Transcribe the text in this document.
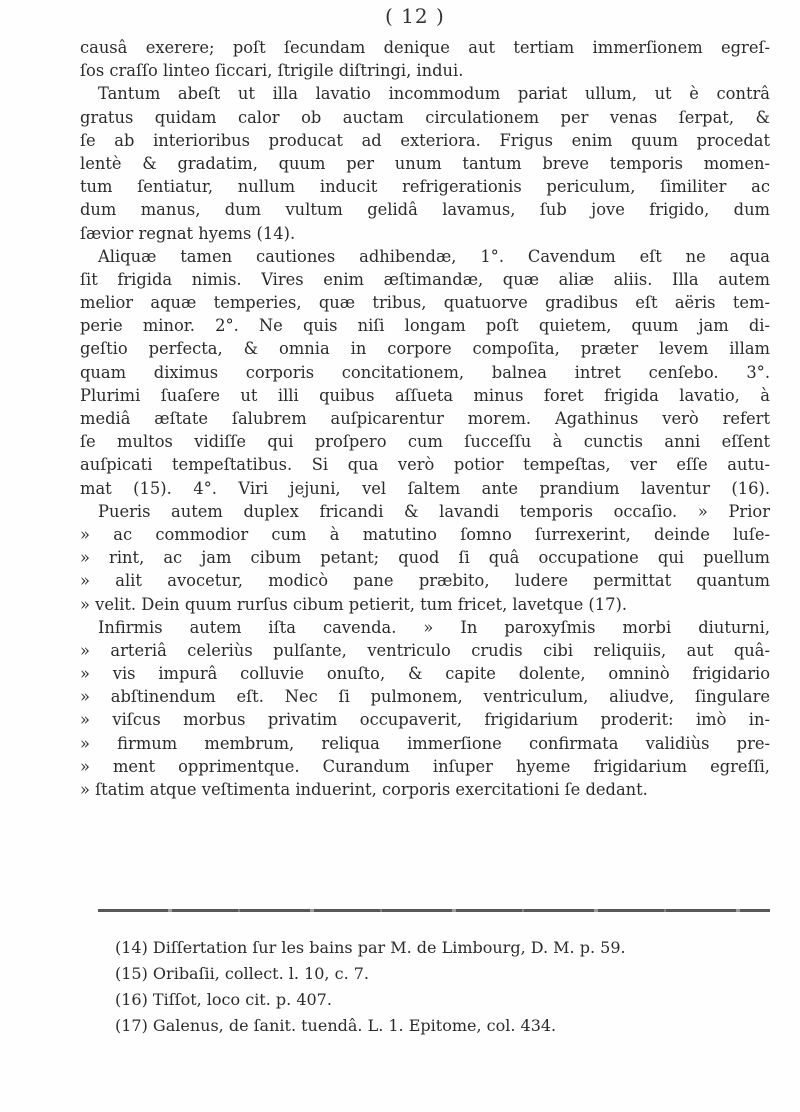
( 12 )
causâ exerere; poſt ſecundam denique aut tertiam immerſionem egreſ-
ſos craſſo linteo ſiccari, ſtrigile diſtringi, indui.
Tantum abeſt ut illa lavatio incommodum pariat ullum, ut è contrâ
gratus quidam calor ob auctam circulationem per venas ſerpat, &
ſe ab interioribus producat ad exteriora. Frigus enim quum procedat
lentè & gradatim, quum per unum tantum breve temporis momen-
tum ſentiatur, nullum inducit refrigerationis periculum, ſimiliter ac
dum manus, dum vultum gelidâ lavamus, ſub jove frigido, dum
ſævior regnat hyems (14).
Aliquæ tamen cautiones adhibendæ, 1°. Cavendum eſt ne aqua
ſit frigida nimis. Vires enim æſtimandæ, quæ aliæ aliis. Illa autem
melior aquæ temperies, quæ tribus, quatuorve gradibus eſt aëris tem-
perie minor. 2°. Ne quis niſi longam poſt quietem, quum jam di-
geſtio perfecta, & omnia in corpore compoſita, præter levem illam
quam diximus corporis concitationem, balnea intret cenſebo. 3°.
Plurimi ſuaſere ut illi quibus aſſueta minus foret frigida lavatio, à
mediâ æſtate ſalubrem auſpicarentur morem. Agathinus verò refert
ſe multos vidiſſe qui proſpero cum ſucceſſu à cunctis anni eſſent
auſpicati tempeſtatibus. Si qua verò potior tempeſtas, ver eſſe autu-
mat (15). 4°. Viri jejuni, vel ſaltem ante prandium laventur (16).
Pueris autem duplex fricandi & lavandi temporis occaſio. » Prior
» ac commodior cum à matutino ſomno ſurrexerint, deinde luſe-
» rint, ac jam cibum petant; quod ſi quâ occupatione qui puellum
» alit avocetur, modicò pane præbito, ludere permittat quantum
» velit. Dein quum rurſus cibum petierit, tum fricet, lavetque (17).
Infirmis autem iſta cavenda. » In paroxyſmis morbi diuturni,
» arteriâ celeriùs pulſante, ventriculo crudis cibi reliquiis, aut quâ-
» vis impurâ colluvie onuſto, & capite dolente, omninò frigidario
» abſtinendum eſt. Nec ſi pulmonem, ventriculum, aliudve, ſingulare
» viſcus morbus privatim occupaverit, frigidarium proderit: imò in-
» firmum membrum, reliqua immerſione confirmata validiùs pre-
» ment opprimentque. Curandum inſuper hyeme frigidarium egreſſi,
» ſtatim atque veſtimenta induerint, corporis exercitationi ſe dedant.
(14) Diſſertation ſur les bains par M. de Limbourg, D. M. p. 59.
(15) Oribaſii, collect. l. 10, c. 7.
(16) Tiſſot, loco cit. p. 407.
(17) Galenus, de ſanit. tuendâ. L. 1. Epitome, col. 434.
